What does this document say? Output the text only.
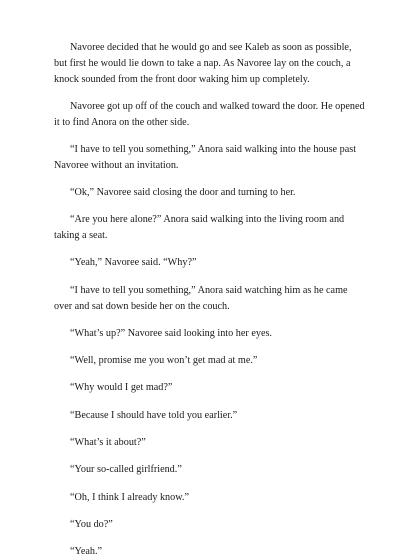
Navoree decided that he would go and see Kaleb as soon as possible, but first he would lie down to take a nap. As Navoree lay on the couch, a knock sounded from the front door waking him up completely.

Navoree got up off of the couch and walked toward the door. He opened it to find Anora on the other side.

“I have to tell you something,” Anora said walking into the house past Navoree without an invitation.

“Ok,” Navoree said closing the door and turning to her.

“Are you here alone?” Anora said walking into the living room and taking a seat.

“Yeah,” Navoree said. “Why?”

“I have to tell you something,” Anora said watching him as he came over and sat down beside her on the couch.

“What’s up?” Navoree said looking into her eyes.

“Well, promise me you won’t get mad at me.”

“Why would I get mad?”

“Because I should have told you earlier.”

“What’s it about?”

“Your so-called girlfriend.”

“Oh, I think I already know.”

“You do?”

“Yeah.”
